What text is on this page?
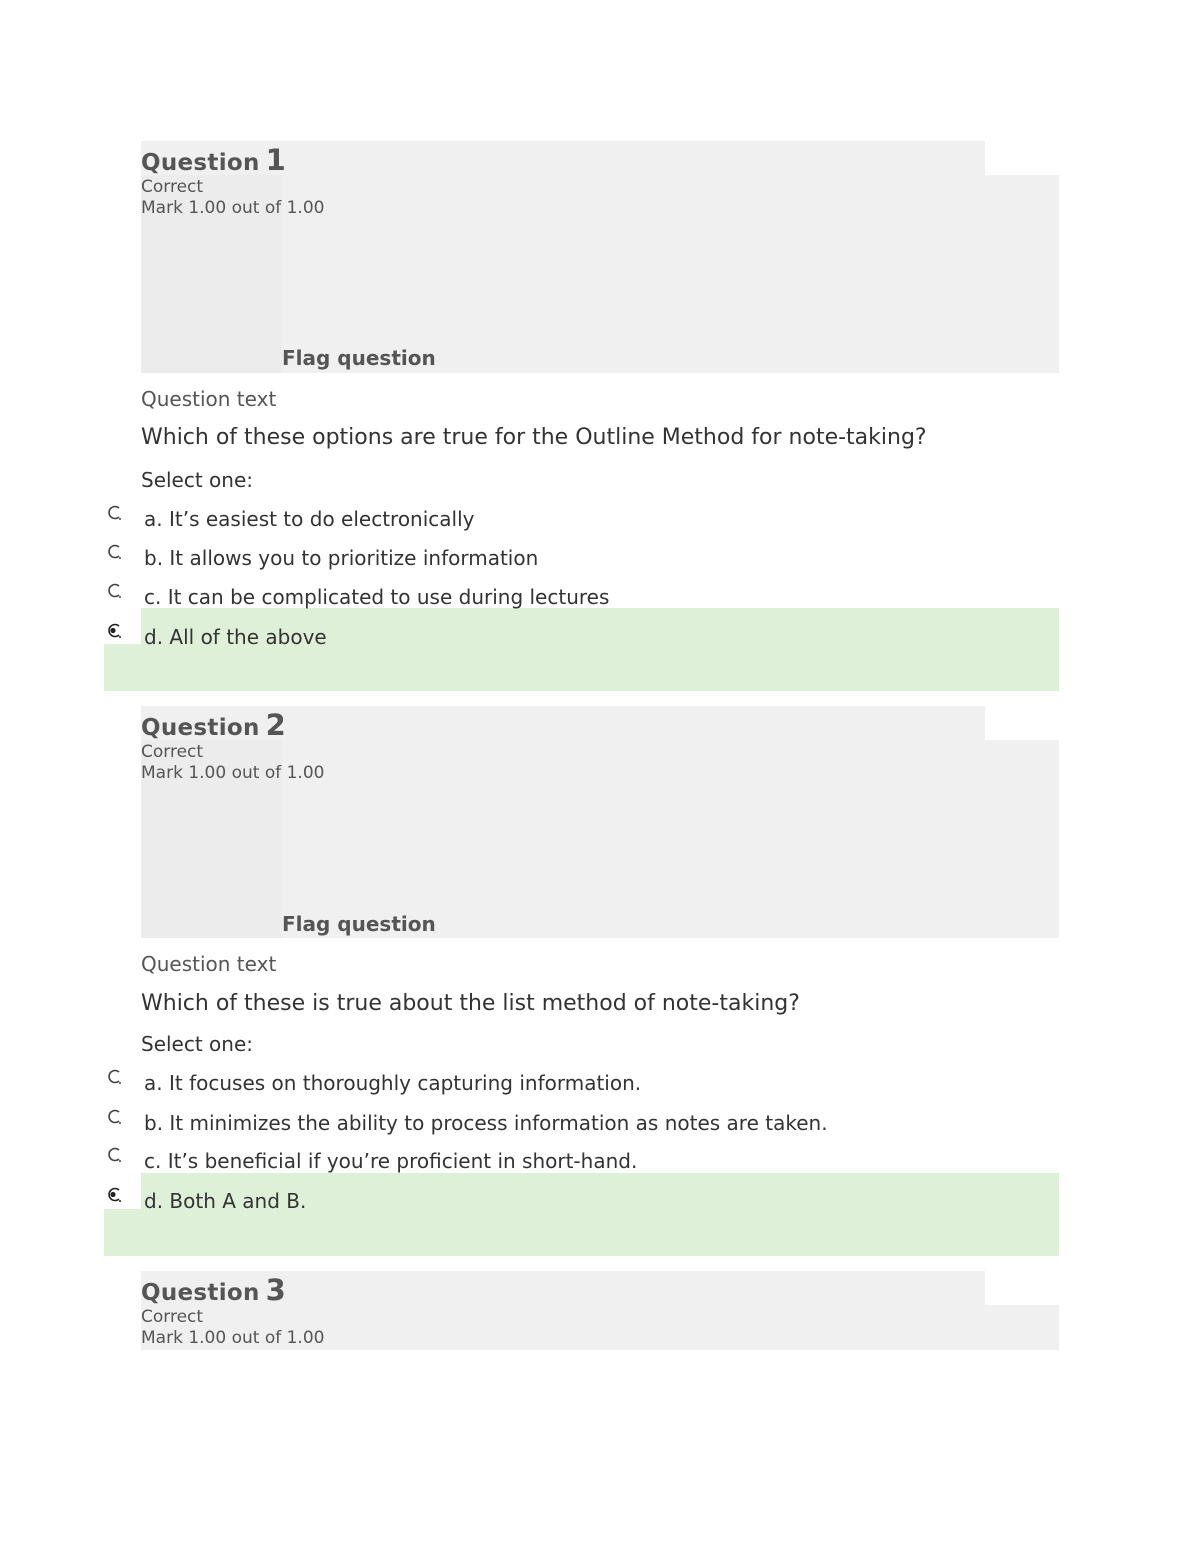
Question 1
Correct
Mark 1.00 out of 1.00
Flag question
Question text
Which of these options are true for the Outline Method for note-taking?
Select one:
a. It’s easiest to do electronically
b. It allows you to prioritize information
c. It can be complicated to use during lectures
d. All of the above
Question 2
Correct
Mark 1.00 out of 1.00
Flag question
Question text
Which of these is true about the list method of note-taking?
Select one:
a. It focuses on thoroughly capturing information.
b. It minimizes the ability to process information as notes are taken.
c. It’s beneficial if you’re proficient in short-hand.
d. Both A and B.
Question 3
Correct
Mark 1.00 out of 1.00
